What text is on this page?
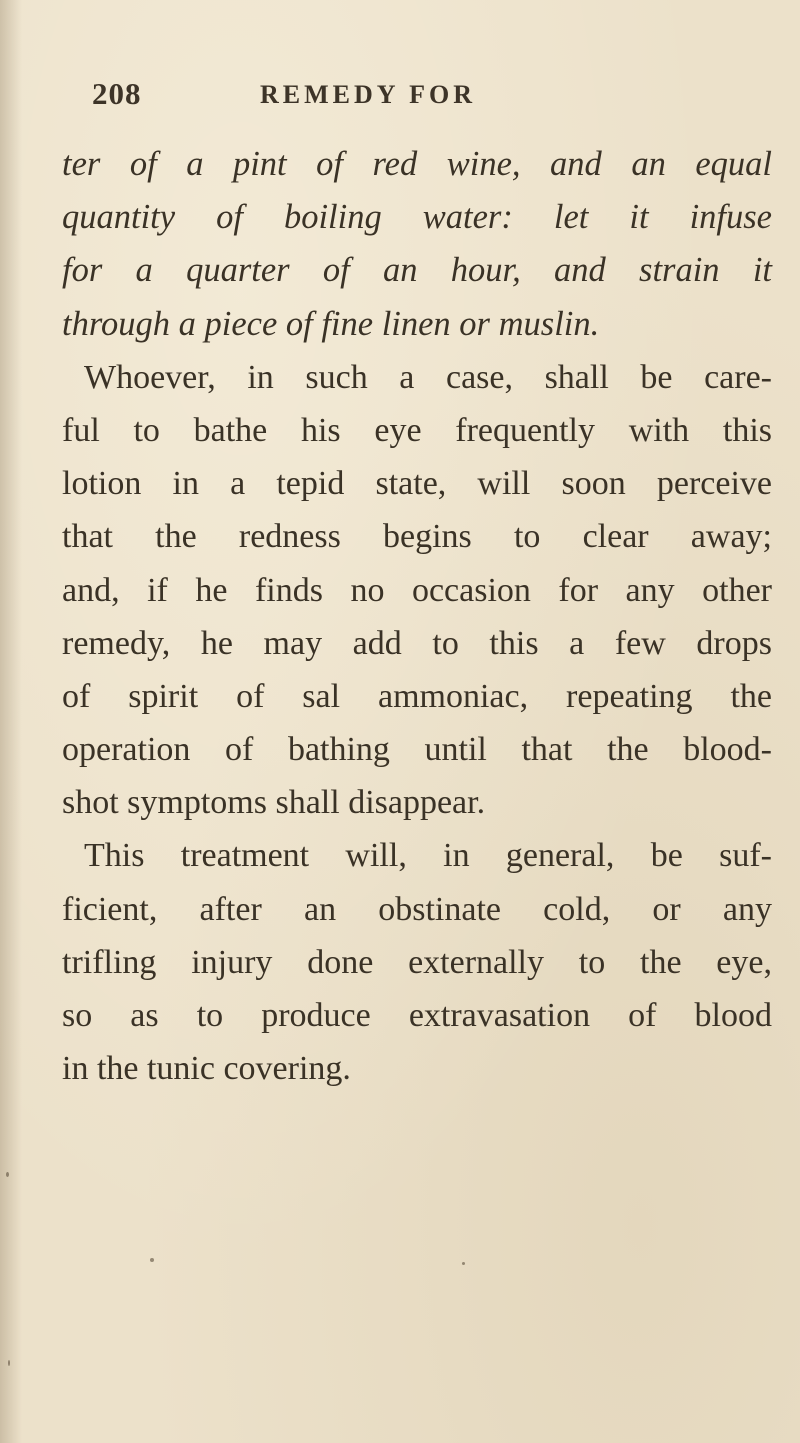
208	REMEDY FOR
ter of a pint of red wine, and an equal
quantity of boiling water: let it infuse
for a quarter of an hour, and strain it
through a piece of fine linen or muslin.
Whoever, in such a case, shall be care-
ful to bathe his eye frequently with this
lotion in a tepid state, will soon perceive
that the redness begins to clear away;
and, if he finds no occasion for any other
remedy, he may add to this a few drops
of spirit of sal ammoniac, repeating the
operation of bathing until that the blood-
shot symptoms shall disappear.
This treatment will, in general, be suf-
ficient, after an obstinate cold, or any
trifling injury done externally to the eye,
so as to produce extravasation of blood
in the tunic covering.
